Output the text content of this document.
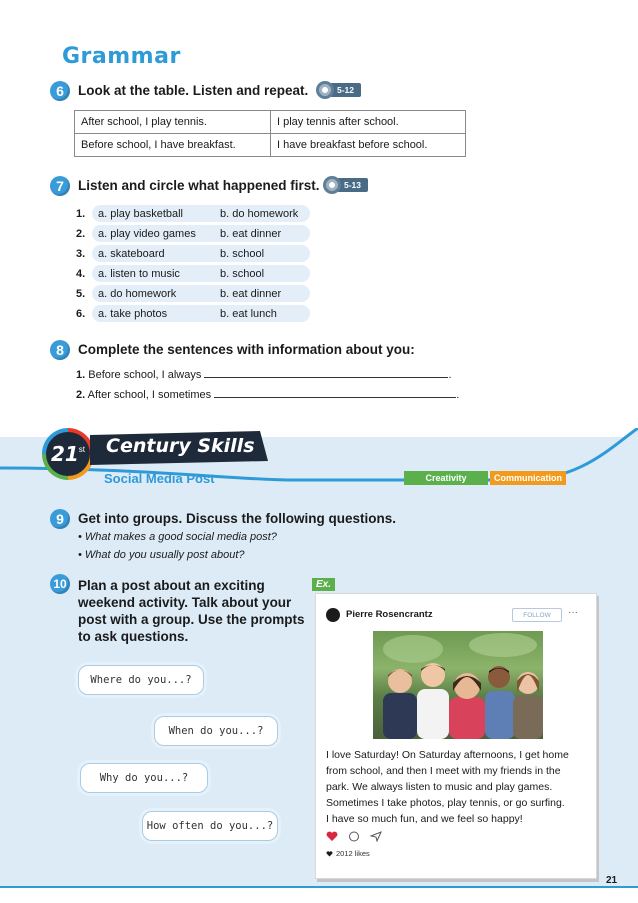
Grammar
6	Look at the table. Listen and repeat.	5-12
After school, I play tennis.	I play tennis after school.
Before school, I have breakfast.	I have breakfast before school.
7	Listen and circle what happened first.	5-13
1.	a. play basketball	b. do homework
2.	a. play video games	b. eat dinner
3.	a. skateboard	b. school
4.	a. listen to music	b. school
5.	a. do homework	b. eat dinner
6.	a. take photos	b. eat lunch
8	Complete the sentences with information about you:
1. Before school, I always	.
2. After school, I sometimes	.
21 st Century Skills
Social Media Post	Creativity	Communication
9	Get into groups. Discuss the following questions.
• What makes a good social media post?
• What do you usually post about?
10 Plan a post about an exciting
weekend activity. Talk about your
post with a group. Use the prompts
to ask questions.
Where do you...?
When do you...?
Why do you...?
How often do you...?
Ex.
Pierre Rosencrantz	FOLLOW	···
I love Saturday! On Saturday afternoons, I get home
from school, and then I meet with my friends in the
park. We always listen to music and play games.
Sometimes I take photos, play tennis, or go surfing.
I have so much fun, and we feel so happy!
2012 likes
21
